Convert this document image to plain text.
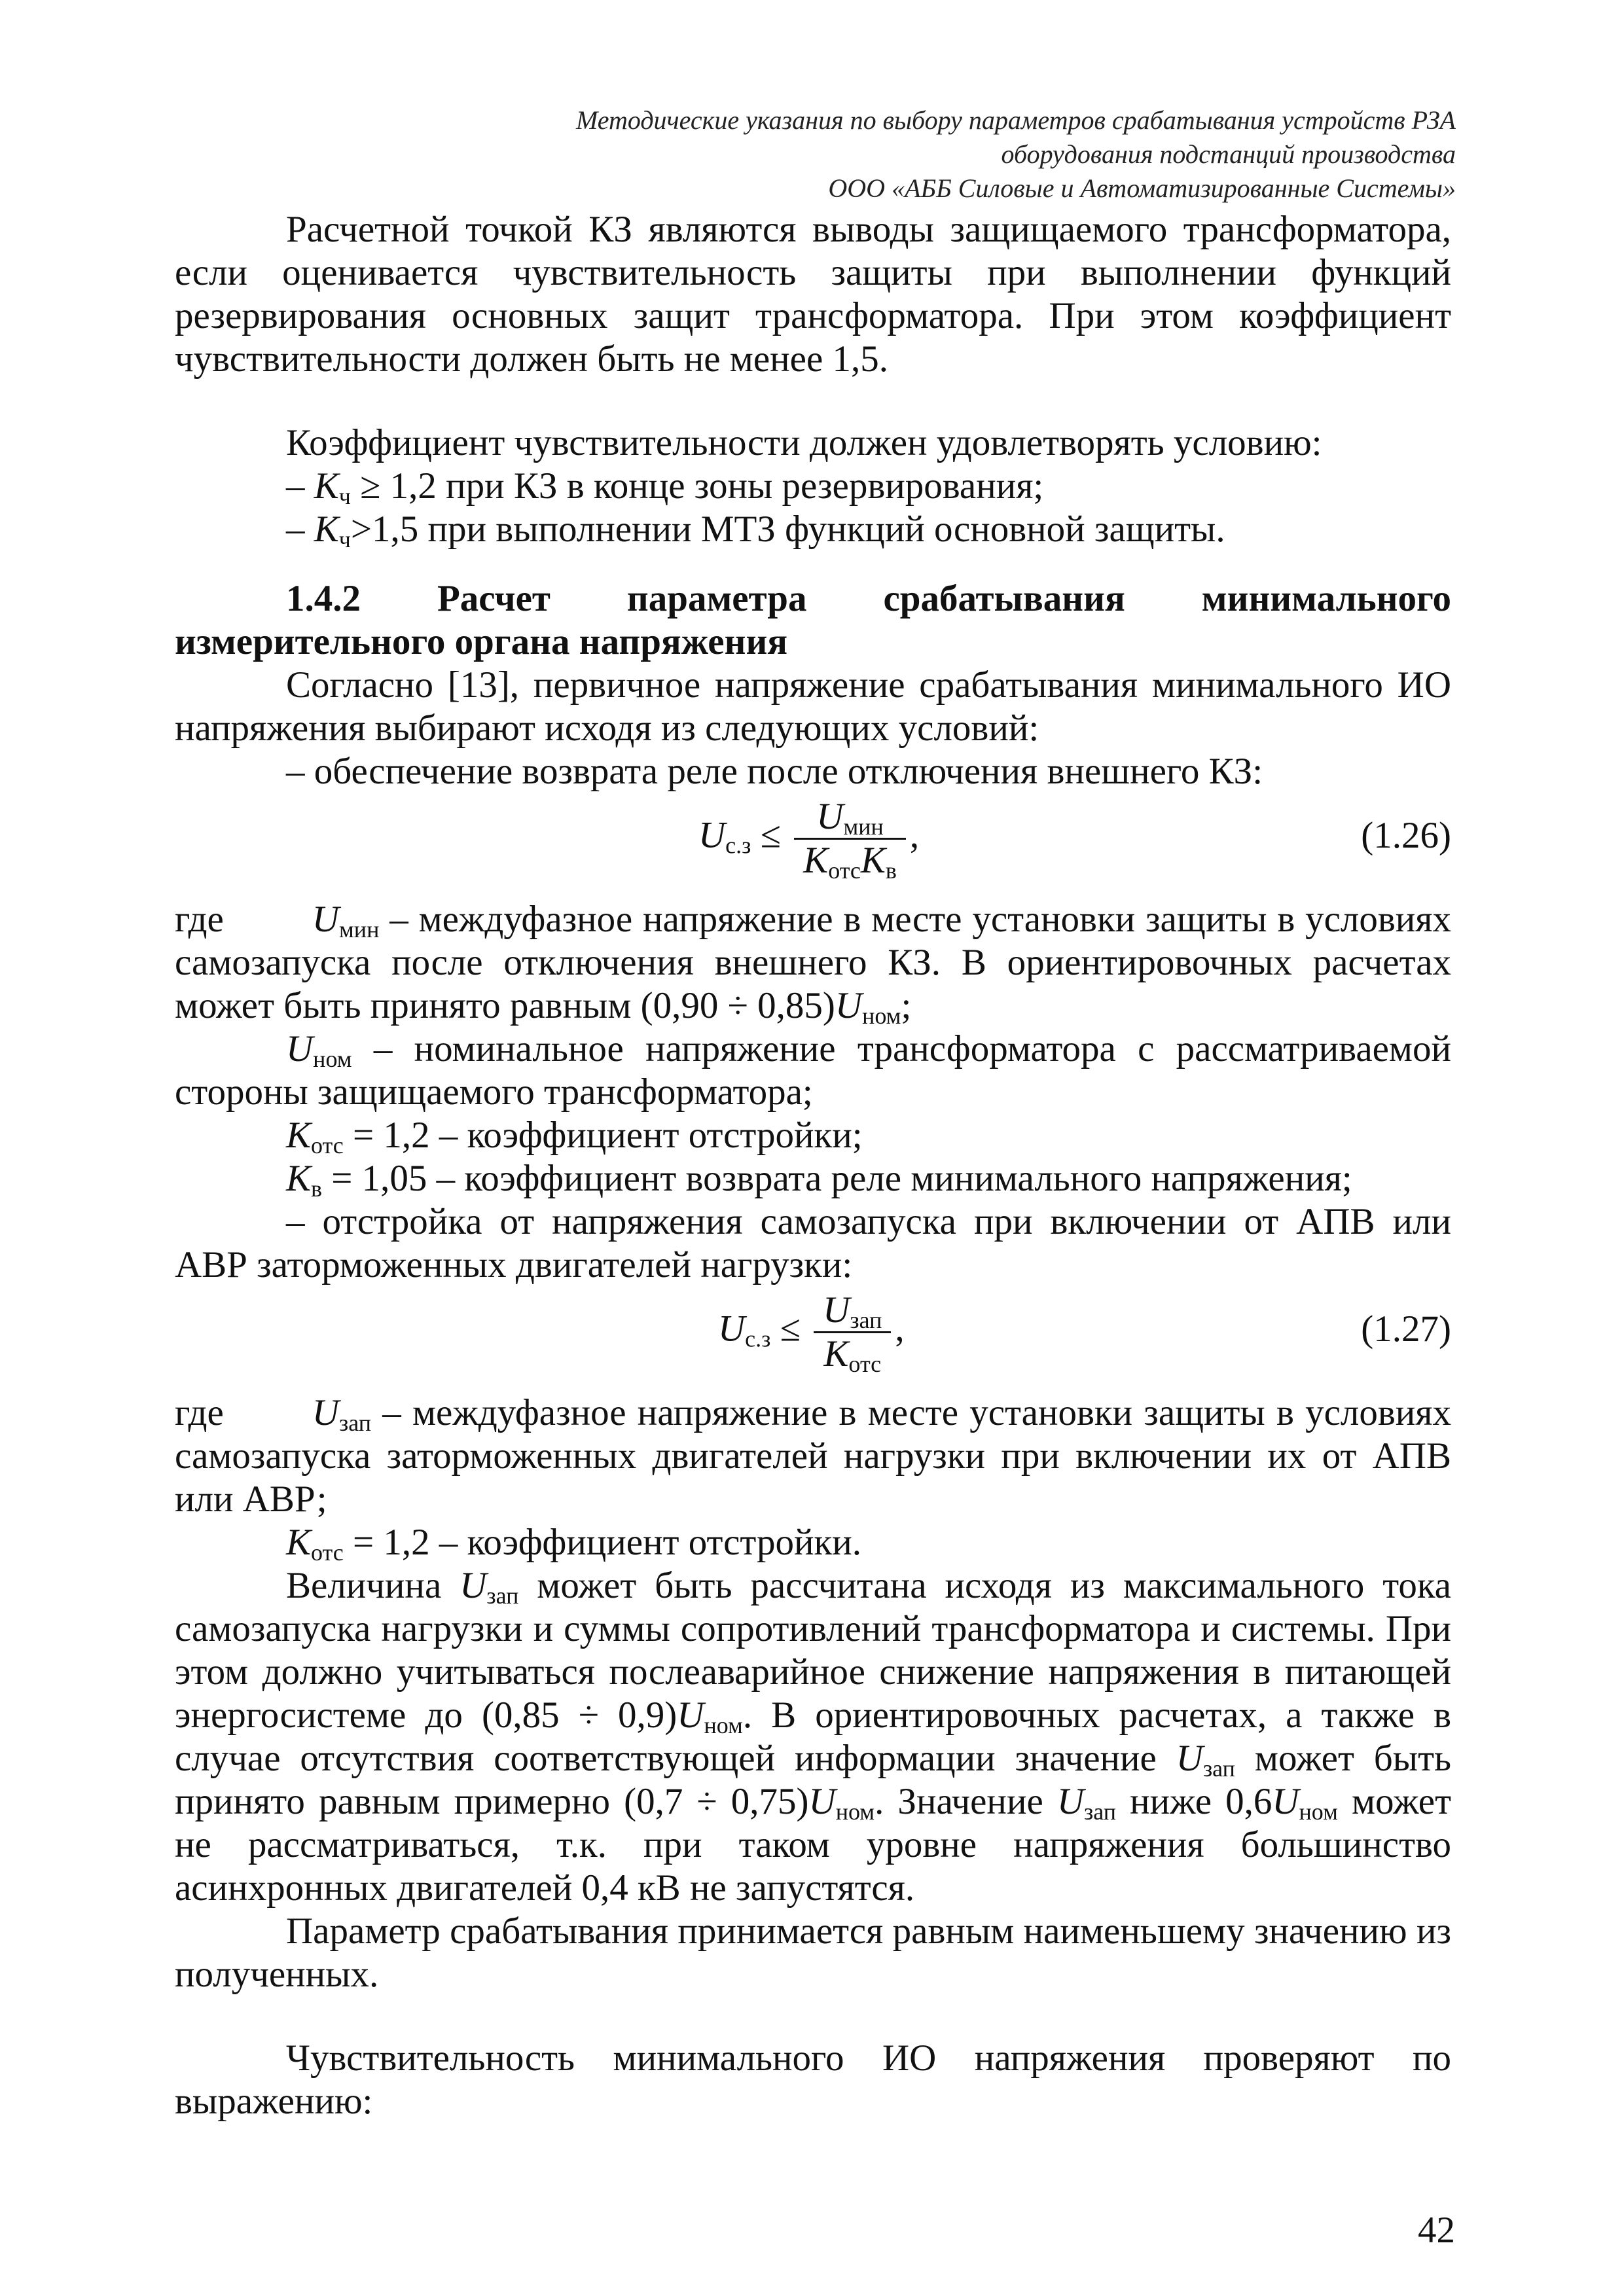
Методические указания по выбору параметров срабатывания устройств РЗА
оборудования подстанций производства
ООО «АББ Силовые и Автоматизированные Системы»

Расчетной точкой КЗ являются выводы защищаемого трансформатора, если оценивается чувствительность защиты при выполнении функций резервирования основных защит трансформатора. При этом коэффициент чувствительности должен быть не менее 1,5.

Коэффициент чувствительности должен удовлетворять условию:

– $K_ч \ge 1,2$ при КЗ в конце зоны резервирования;

– $K_ч>1,5$ при выполнении МТЗ функций основной защиты.

1.4.2 Расчет параметра срабатывания минимального
измерительного органа напряжения

Согласно [13], первичное напряжение срабатывания минимального ИО напряжения выбирают исходя из следующих условий:

– обеспечение возврата реле после отключения внешнего КЗ:

$U_{с.з} \le \frac{U_{мин}}{K_{отс}K_в}$ ,	(1.26)

где $U_{мин}$ – междуфазное напряжение в месте установки защиты в условиях самозапуска после отключения внешнего КЗ. В ориентировочных расчетах может быть принято равным $(0,90 \div 0,85)U_{ном}$;

$U_{ном}$ – номинальное напряжение трансформатора с рассматриваемой стороны защищаемого трансформатора;

$K_{отс} = 1,2$ – коэффициент отстройки;

$K_в = 1,05$ – коэффициент возврата реле минимального напряжения;

– отстройка от напряжения самозапуска при включении от АПВ или АВР заторможенных двигателей нагрузки:

$U_{с.з} \le \frac{U_{зап}}{K_{отс}}$ ,	(1.27)

где $U_{зап}$ – междуфазное напряжение в месте установки защиты в условиях самозапуска заторможенных двигателей нагрузки при включении их от АПВ или АВР;

$K_{отс} = 1,2$ – коэффициент отстройки.

Величина $U_{зап}$ может быть рассчитана исходя из максимального тока самозапуска нагрузки и суммы сопротивлений трансформатора и системы. При этом должно учитываться послеаварийное снижение напряжения в питающей энергосистеме до $(0,85 \div 0,9)U_{ном}$. В ориентировочных расчетах, а также в случае отсутствия соответствующей информации значение $U_{зап}$ может быть принято равным примерно $(0,7 \div 0,75)U_{ном}$. Значение $U_{зап}$ ниже $0,6U_{ном}$ может не рассматриваться, т.к. при таком уровне напряжения большинство асинхронных двигателей 0,4 кВ не запустятся.

Параметр срабатывания принимается равным наименьшему значению из полученных.

Чувствительность минимального ИО напряжения проверяют по выражению:

42
